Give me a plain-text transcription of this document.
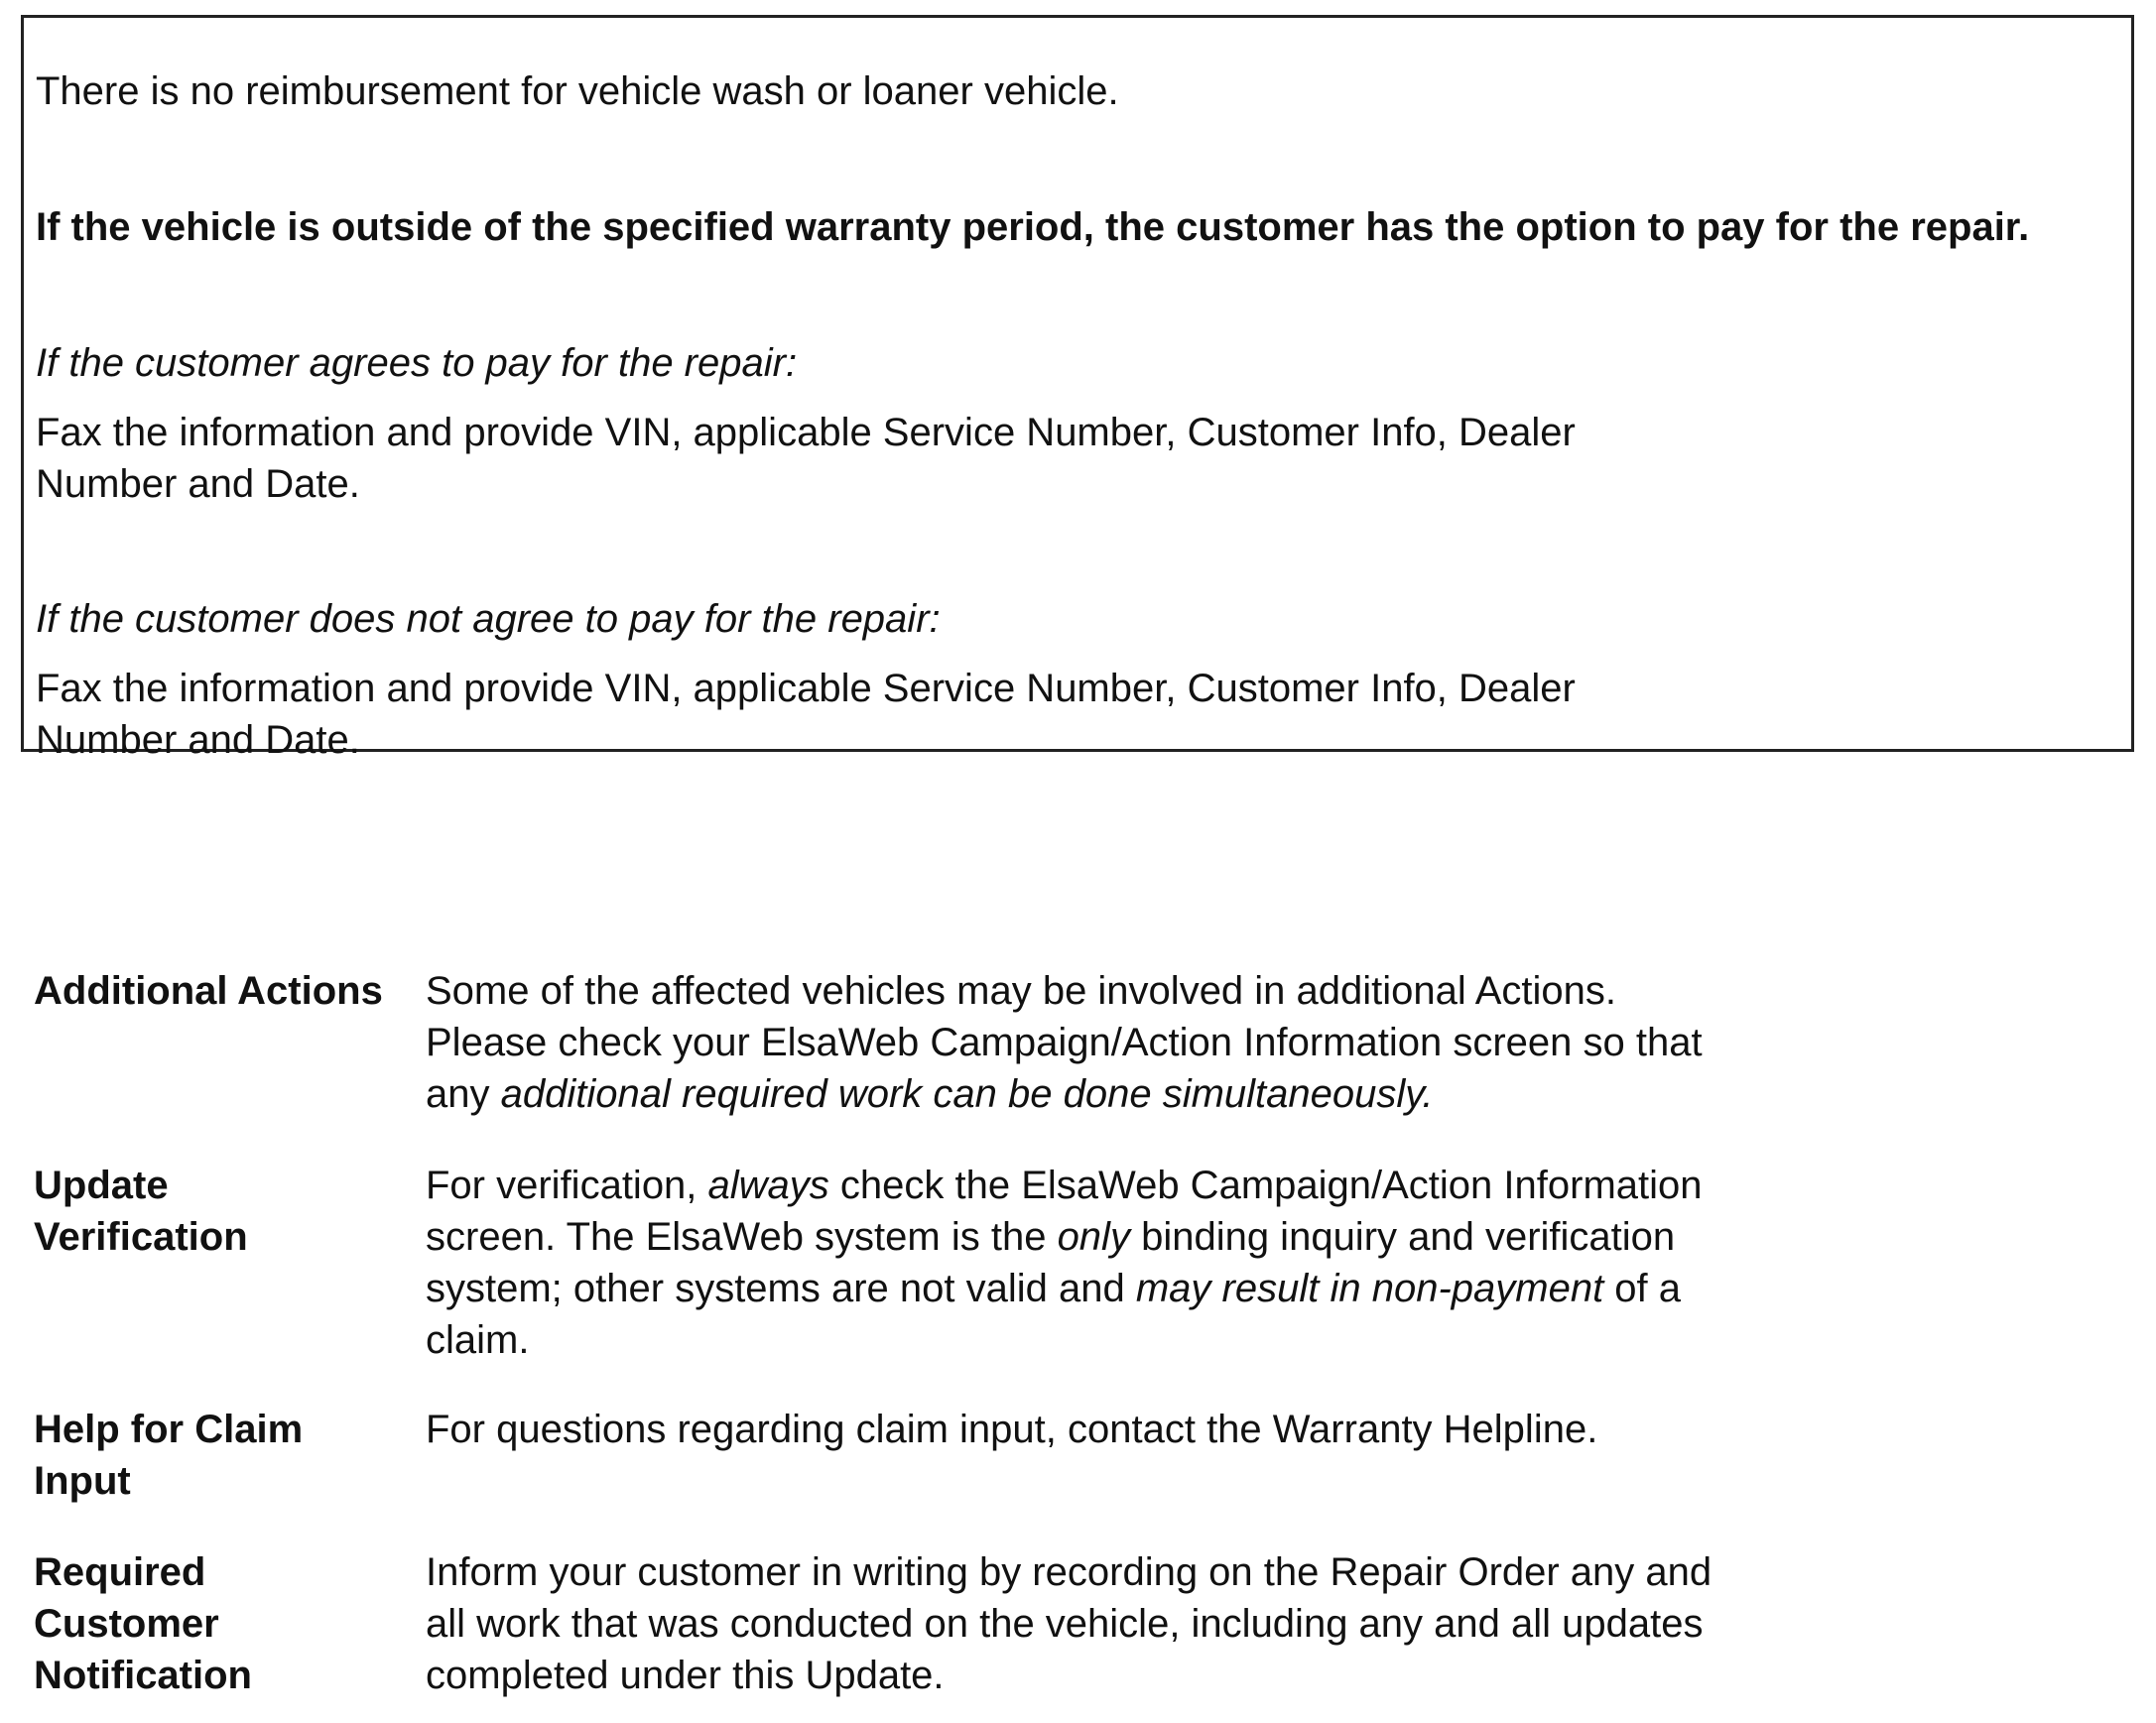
There is no reimbursement for vehicle wash or loaner vehicle.

If the vehicle is outside of the specified warranty period, the customer has the option to pay for the repair.

If the customer agrees to pay for the repair:

Fax the information and provide VIN, applicable Service Number, Customer Info, Dealer

Number and Date.

If the customer does not agree to pay for the repair:

Fax the information and provide VIN, applicable Service Number, Customer Info, Dealer

Number and Date.

Additional Actions	Some of the affected vehicles may be involved in additional Actions.
Please check your ElsaWeb Campaign/Action Information screen so that
any additional required work can be done simultaneously.
Update
Verification
For verification, always check the ElsaWeb Campaign/Action Information
screen. The ElsaWeb system is the only binding inquiry and verification
system; other systems are not valid and may result in non-payment of a
claim.
Help for Claim
Input
For questions regarding claim input, contact the Warranty Helpline.
Required
Customer
Notification
Inform your customer in writing by recording on the Repair Order any and
all work that was conducted on the vehicle, including any and all updates
completed under this Update.
